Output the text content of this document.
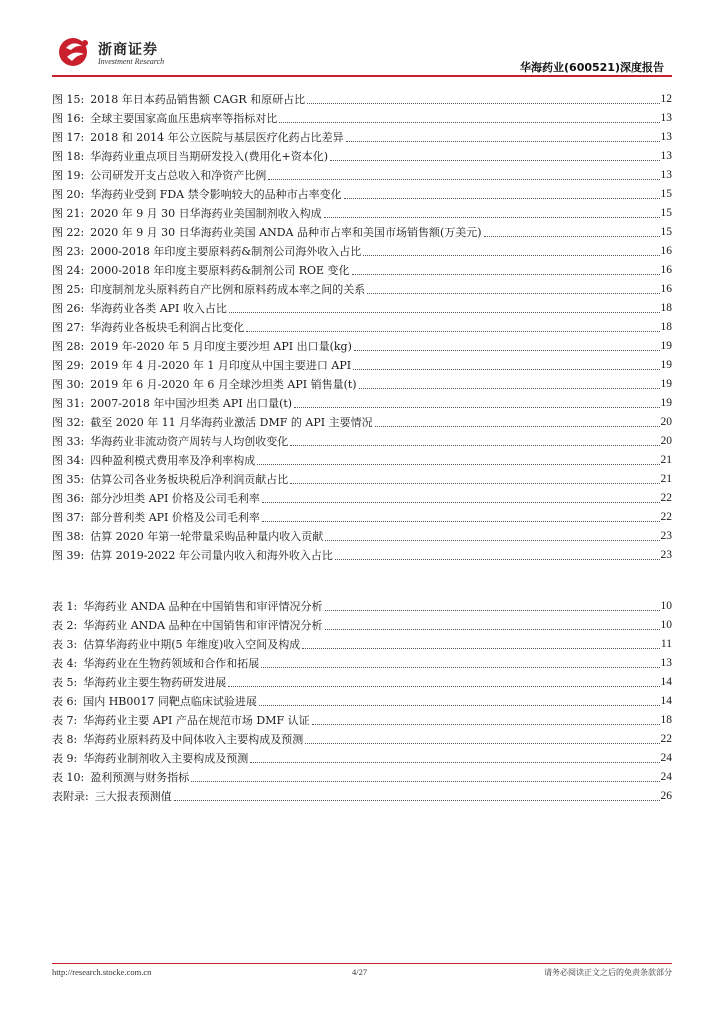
浙商证券
Investment Research	华海药业(600521)深度报告
图 15: 2018 年日本药品销售额 CAGR 和原研占比	12
图 16: 全球主要国家高血压患病率等指标对比	13
图 17: 2018 和 2014 年公立医院与基层医疗化药占比差异	13
图 18: 华海药业重点项目当期研发投入(费用化+资本化)	13
图 19: 公司研发开支占总收入和净资产比例	13
图 20: 华海药业受到 FDA 禁令影响较大的品种市占率变化	15
图 21: 2020 年 9 月 30 日华海药业美国制剂收入构成	15
图 22: 2020 年 9 月 30 日华海药业美国 ANDA 品种市占率和美国市场销售额(万美元)	15
图 23: 2000-2018 年印度主要原料药&制剂公司海外收入占比	16
图 24: 2000-2018 年印度主要原料药&制剂公司 ROE 变化	16
图 25: 印度制剂龙头原料药自产比例和原料药成本率之间的关系	16
图 26: 华海药业各类 API 收入占比	18
图 27: 华海药业各板块毛利润占比变化	18
图 28: 2019 年-2020 年 5 月印度主要沙坦 API 出口量(kg)	19
图 29: 2019 年 4 月-2020 年 1 月印度从中国主要进口 API	19
图 30: 2019 年 6 月-2020 年 6 月全球沙坦类 API 销售量(t)	19
图 31: 2007-2018 年中国沙坦类 API 出口量(t)	19
图 32: 截至 2020 年 11 月华海药业激活 DMF 的 API 主要情况	20
图 33: 华海药业非流动资产周转与人均创收变化	20
图 34: 四种盈利模式费用率及净利率构成	21
图 35: 估算公司各业务板块税后净利润贡献占比	21
图 36: 部分沙坦类 API 价格及公司毛利率	22
图 37: 部分普利类 API 价格及公司毛利率	22
图 38: 估算 2020 年第一轮带量采购品种量内收入贡献	23
图 39: 估算 2019-2022 年公司量内收入和海外收入占比	23
表 1: 华海药业 ANDA 品种在中国销售和审评情况分析	10
表 2: 华海药业 ANDA 品种在中国销售和审评情况分析	10
表 3: 估算华海药业中期(5 年维度)收入空间及构成	11
表 4: 华海药业在生物药领域和合作和拓展	13
表 5: 华海药业主要生物药研发进展	14
表 6: 国内 HB0017 同靶点临床试验进展	14
表 7: 华海药业主要 API 产品在规范市场 DMF 认证	18
表 8: 华海药业原料药及中间体收入主要构成及预测	22
表 9: 华海药业制剂收入主要构成及预测	24
表 10: 盈利预测与财务指标	24
表附录: 三大报表预测值	26
http://research.stocke.com.cn	4/27	请务必阅读正文之后的免责条款部分
